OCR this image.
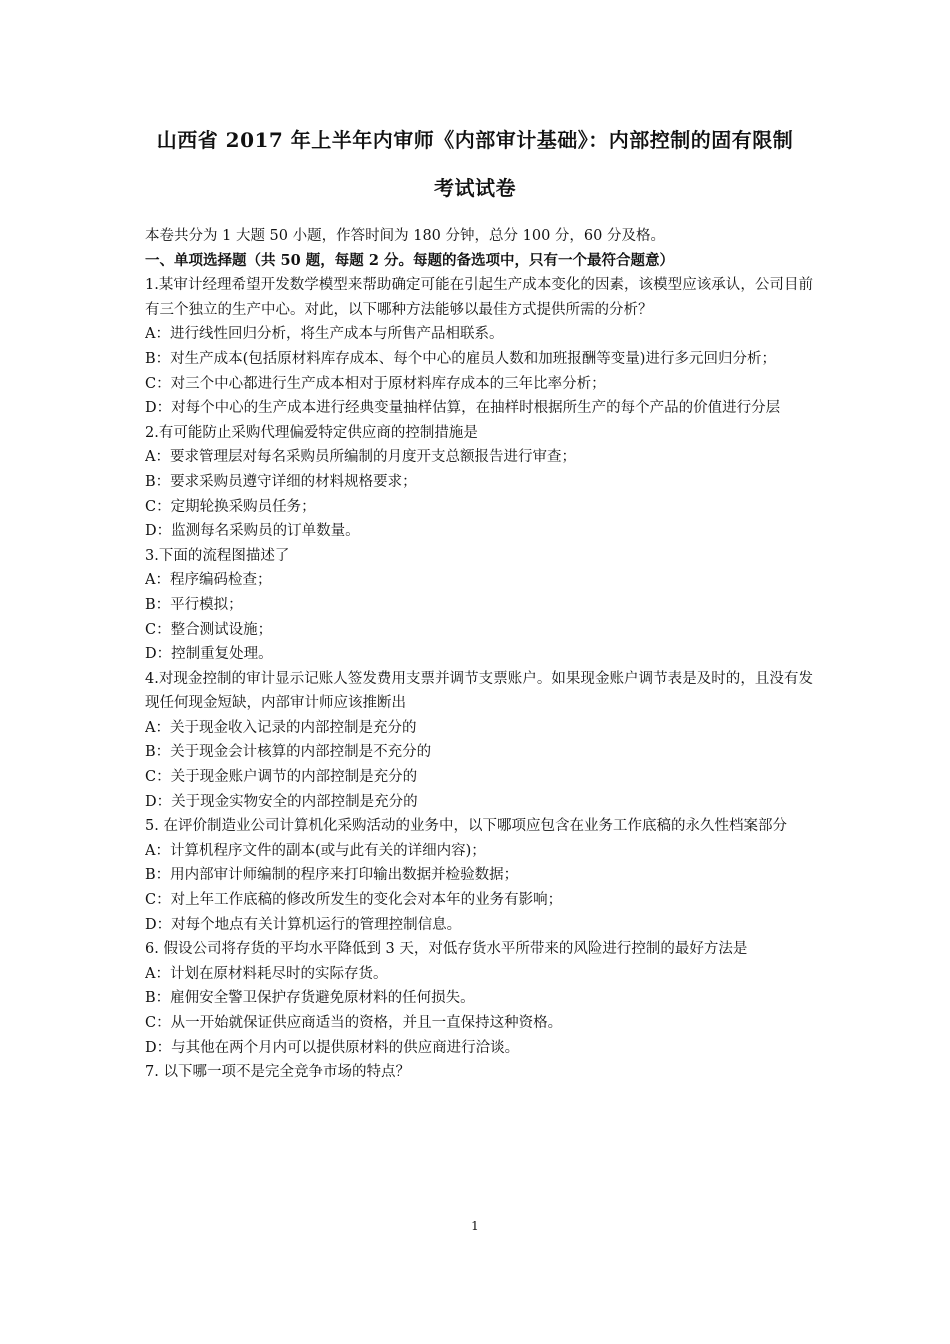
山西省 2017 年上半年内审师《内部审计基础》：内部控制的固有限制
考试试卷
本卷共分为 1 大题 50 小题，作答时间为 180 分钟，总分 100 分，60 分及格。
一、单项选择题（共 50 题，每题 2 分。每题的备选项中，只有一个最符合题意）
1.某审计经理希望开发数学模型来帮助确定可能在引起生产成本变化的因素，该模型应该承认，公司目前有三个独立的生产中心。对此，以下哪种方法能够以最佳方式提供所需的分析？
A：进行线性回归分析，将生产成本与所售产品相联系。
B：对生产成本(包括原材料库存成本、每个中心的雇员人数和加班报酬等变量)进行多元回归分析；
C：对三个中心都进行生产成本相对于原材料库存成本的三年比率分析；
D：对每个中心的生产成本进行经典变量抽样估算，在抽样时根据所生产的每个产品的价值进行分层
2.有可能防止采购代理偏爱特定供应商的控制措施是
A：要求管理层对每名采购员所编制的月度开支总额报告进行审查；
B：要求采购员遵守详细的材料规格要求；
C：定期轮换采购员任务；
D：监测每名采购员的订单数量。
3.下面的流程图描述了
A：程序编码检查；
B：平行模拟；
C：整合测试设施；
D：控制重复处理。
4.对现金控制的审计显示记账人签发费用支票并调节支票账户。如果现金账户调节表是及时的，且没有发现任何现金短缺，内部审计师应该推断出
A：关于现金收入记录的内部控制是充分的
B：关于现金会计核算的内部控制是不充分的
C：关于现金账户调节的内部控制是充分的
D：关于现金实物安全的内部控制是充分的
5. 在评价制造业公司计算机化采购活动的业务中，以下哪项应包含在业务工作底稿的永久性档案部分
A：计算机程序文件的副本(或与此有关的详细内容)；
B：用内部审计师编制的程序来打印输出数据并检验数据；
C：对上年工作底稿的修改所发生的变化会对本年的业务有影响；
D：对每个地点有关计算机运行的管理控制信息。
6. 假设公司将存货的平均水平降低到 3 天，对低存货水平所带来的风险进行控制的最好方法是
A：计划在原材料耗尽时的实际存货。
B：雇佣安全警卫保护存货避免原材料的任何损失。
C：从一开始就保证供应商适当的资格，并且一直保持这种资格。
D：与其他在两个月内可以提供原材料的供应商进行洽谈。
7. 以下哪一项不是完全竞争市场的特点？
1
